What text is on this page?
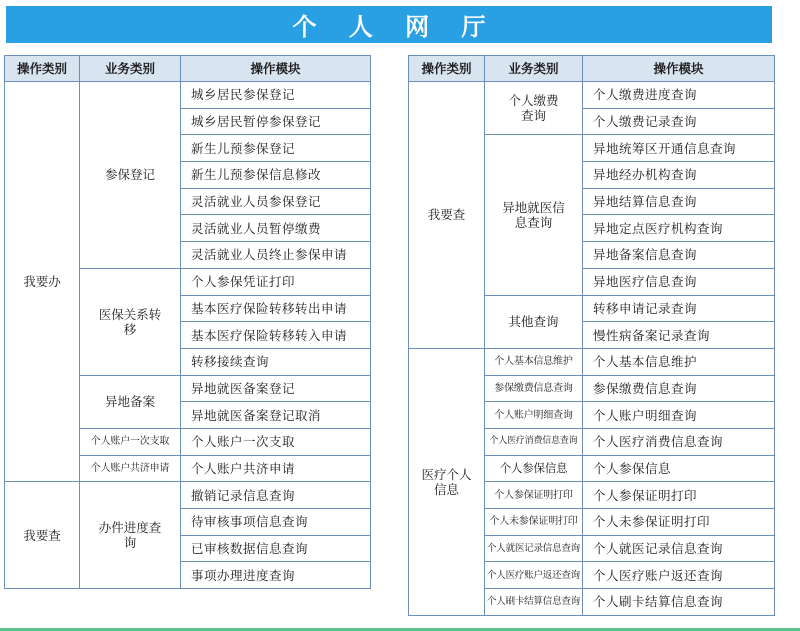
个 人 网 厅
操作类别	业务类别	操作模块
我要办	参保登记	城乡居民参保登记
		城乡居民暂停参保登记
		新生儿预参保登记
		新生儿预参保信息修改
		灵活就业人员参保登记
		灵活就业人员暂停缴费
		灵活就业人员终止参保申请
	医保关系转移	个人参保凭证打印
		基本医疗保险转移转出申请
		基本医疗保险转移转入申请
		转移接续查询
	异地备案	异地就医备案登记
		异地就医备案登记取消
	个人账户一次支取	个人账户一次支取
	个人账户共济申请	个人账户共济申请
我要查	办件进度查询	撤销记录信息查询
		待审核事项信息查询
		已审核数据信息查询
		事项办理进度查询
操作类别	业务类别	操作模块
我要查	个人缴费查询	个人缴费进度查询
		个人缴费记录查询
	异地就医信息查询	异地统筹区开通信息查询
		异地经办机构查询
		异地结算信息查询
		异地定点医疗机构查询
		异地备案信息查询
		异地医疗信息查询
	其他查询	转移申请记录查询
		慢性病备案记录查询
医疗个人信息	个人基本信息维护	个人基本信息维护
	参保缴费信息查询	参保缴费信息查询
	个人账户明细查询	个人账户明细查询
	个人医疗消费信息查询	个人医疗消费信息查询
	个人参保信息	个人参保信息
	个人参保证明打印	个人参保证明打印
	个人未参保证明打印	个人未参保证明打印
	个人就医记录信息查询	个人就医记录信息查询
	个人医疗账户返还查询	个人医疗账户返还查询
	个人刷卡结算信息查询	个人刷卡结算信息查询
